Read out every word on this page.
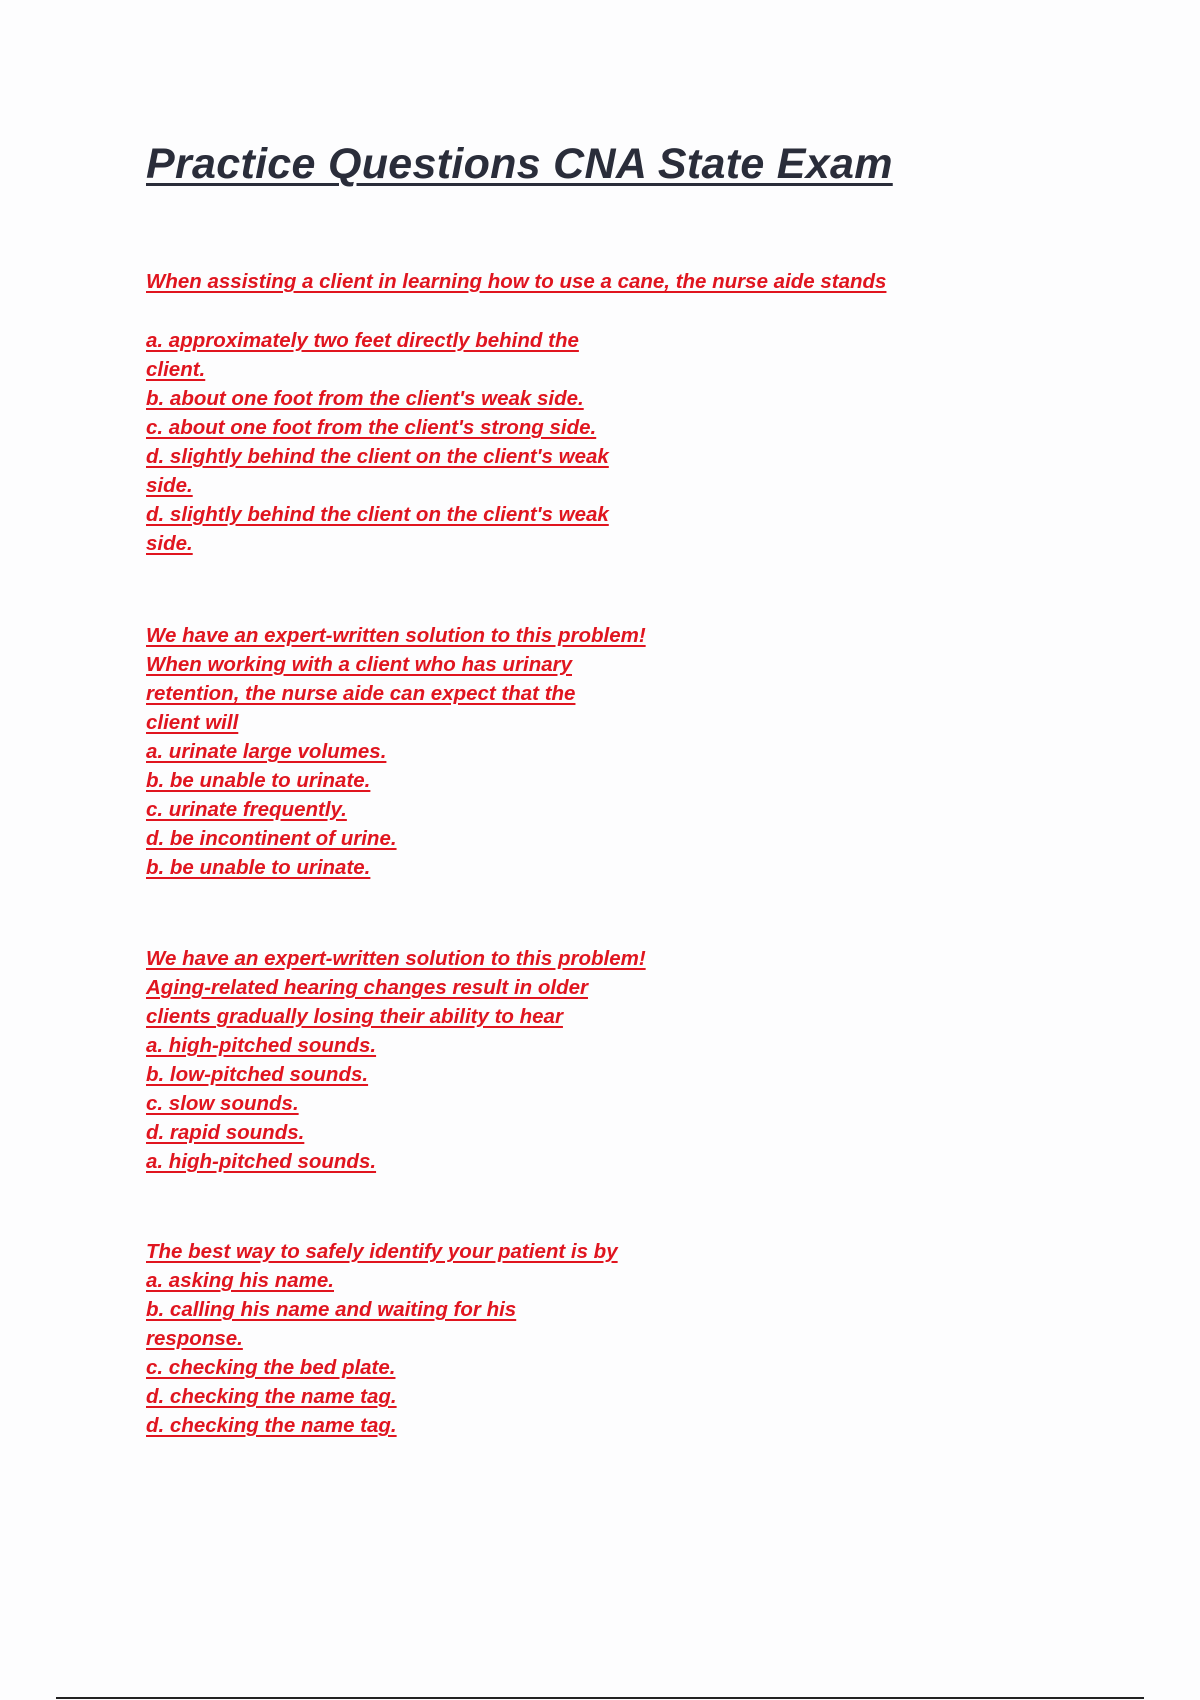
Practice Questions CNA State Exam

When assisting a client in learning how to use a cane, the nurse aide stands

a. approximately two feet directly behind the

client.

b. about one foot from the client's weak side.

c. about one foot from the client's strong side.

d. slightly behind the client on the client's weak

side.

d. slightly behind the client on the client's weak

side.

We have an expert-written solution to this problem!

When working with a client who has urinary

retention, the nurse aide can expect that the

client will

a. urinate large volumes.

b. be unable to urinate.

c. urinate frequently.

d. be incontinent of urine.

b. be unable to urinate.

We have an expert-written solution to this problem!

Aging-related hearing changes result in older

clients gradually losing their ability to hear

a. high-pitched sounds.

b. low-pitched sounds.

c. slow sounds.

d. rapid sounds.

a. high-pitched sounds.

The best way to safely identify your patient is by

a. asking his name.

b. calling his name and waiting for his

response.

c. checking the bed plate.

d. checking the name tag.

d. checking the name tag.
